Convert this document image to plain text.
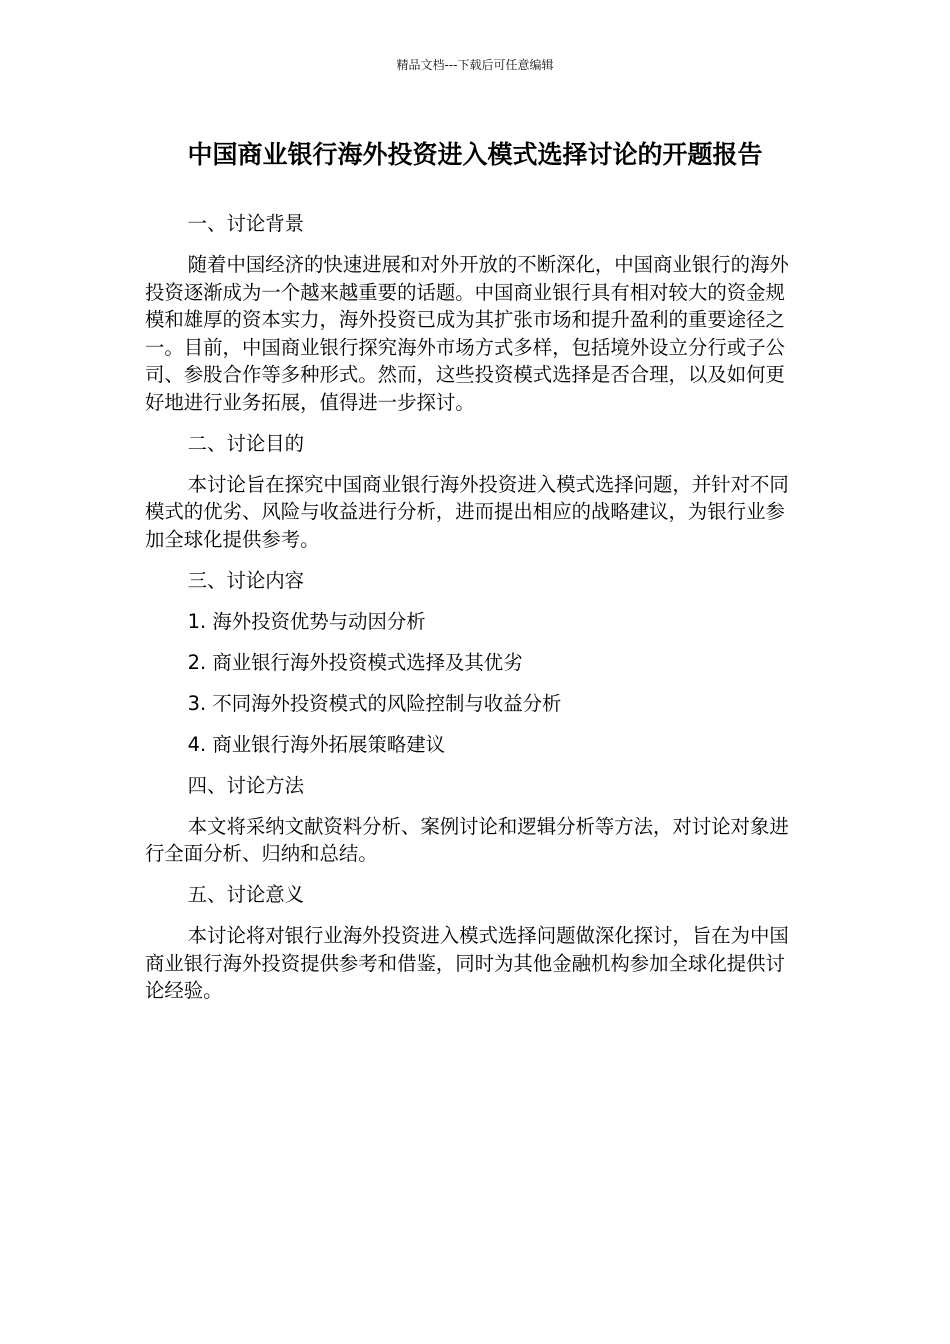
精品文档---下载后可任意编辑
中国商业银行海外投资进入模式选择讨论的开题报告

一、讨论背景

随着中国经济的快速进展和对外开放的不断深化，中国商业银行的海外投资逐渐成为一个越来越重要的话题。中国商业银行具有相对较大的资金规模和雄厚的资本实力，海外投资已成为其扩张市场和提升盈利的重要途径之一。目前，中国商业银行探究海外市场方式多样，包括境外设立分行或子公司、参股合作等多种形式。然而，这些投资模式选择是否合理，以及如何更好地进行业务拓展，值得进一步探讨。

二、讨论目的

本讨论旨在探究中国商业银行海外投资进入模式选择问题，并针对不同模式的优劣、风险与收益进行分析，进而提出相应的战略建议，为银行业参加全球化提供参考。

三、讨论内容

1. 海外投资优势与动因分析

2. 商业银行海外投资模式选择及其优劣

3. 不同海外投资模式的风险控制与收益分析

4. 商业银行海外拓展策略建议

四、讨论方法

本文将采纳文献资料分析、案例讨论和逻辑分析等方法，对讨论对象进行全面分析、归纳和总结。

五、讨论意义

本讨论将对银行业海外投资进入模式选择问题做深化探讨，旨在为中国商业银行海外投资提供参考和借鉴，同时为其他金融机构参加全球化提供讨论经验。
